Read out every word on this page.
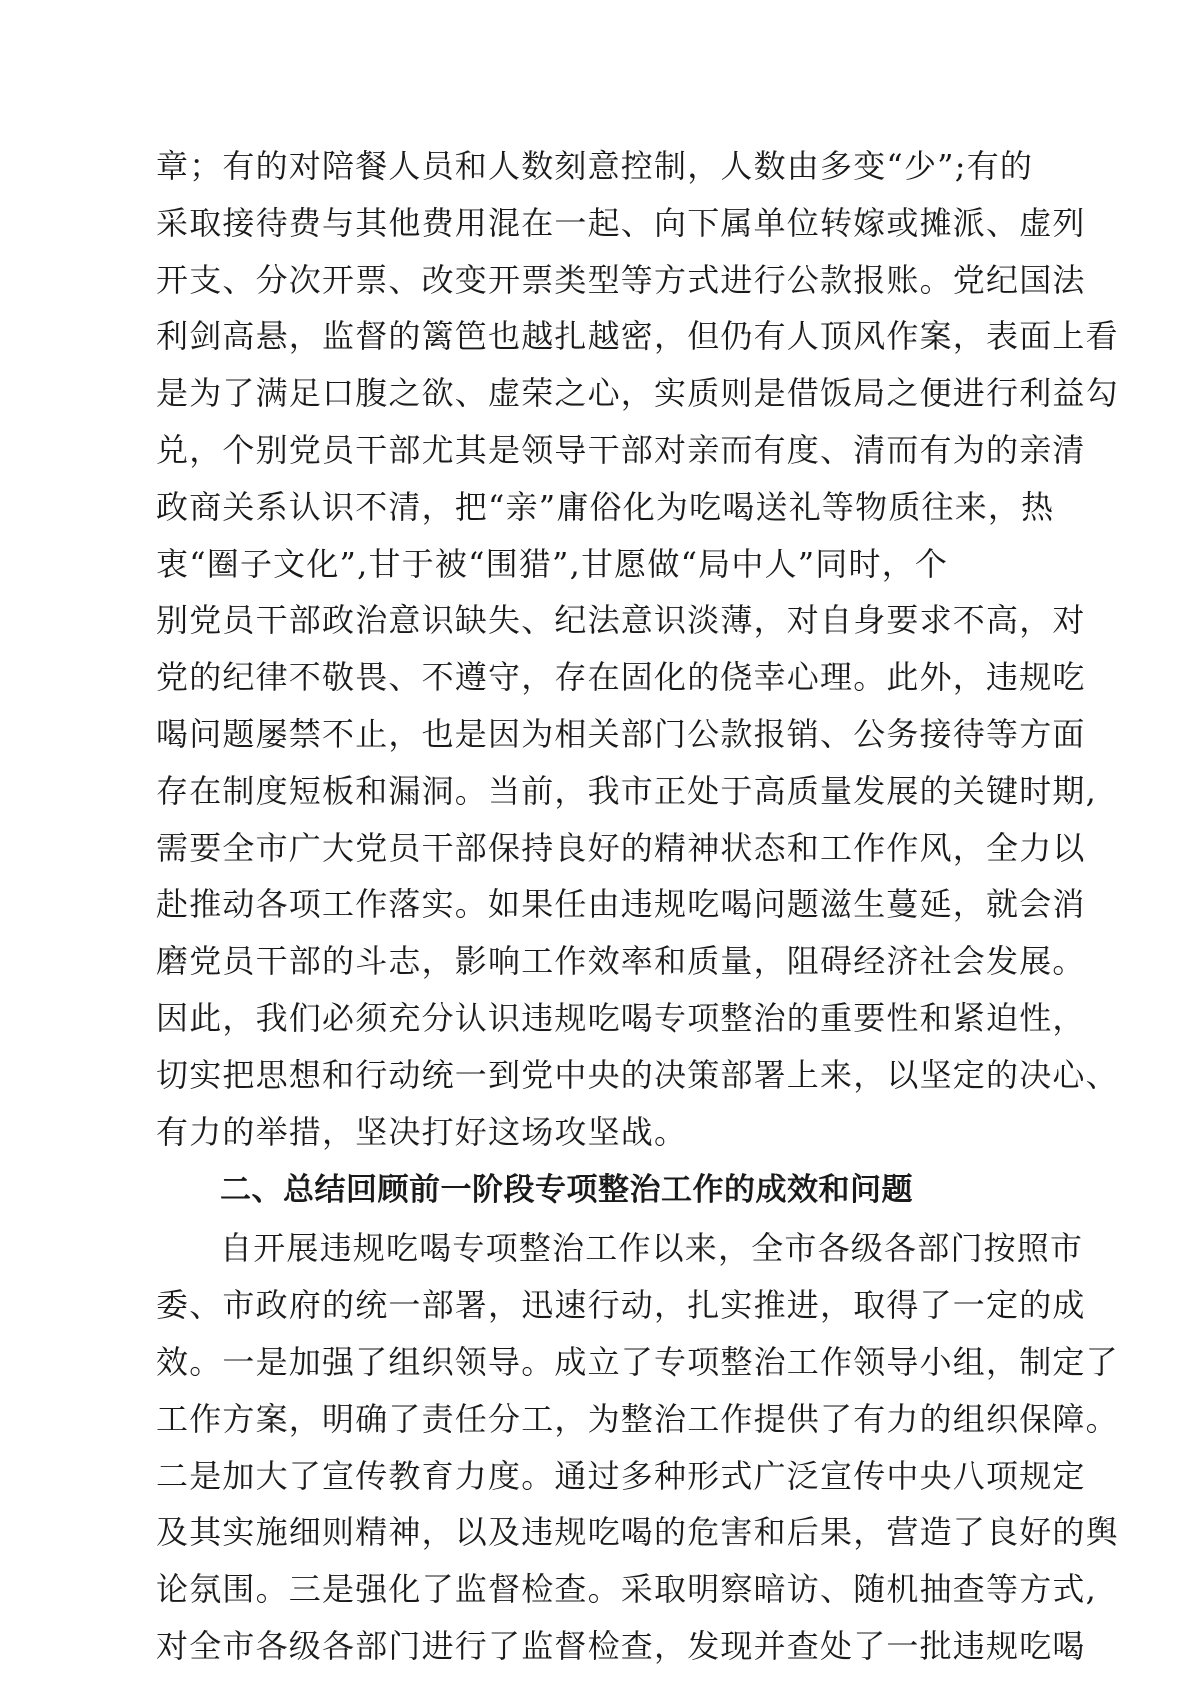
章；有的对陪餐人员和人数刻意控制，人数由多变“少”;有的
采取接待费与其他费用混在一起、向下属单位转嫁或摊派、虚列
开支、分次开票、改变开票类型等方式进行公款报账。党纪国法
利剑高悬，监督的篱笆也越扎越密，但仍有人顶风作案，表面上看
是为了满足口腹之欲、虚荣之心，实质则是借饭局之便进行利益勾
兑，个别党员干部尤其是领导干部对亲而有度、清而有为的亲清
政商关系认识不清，把“亲”庸俗化为吃喝送礼等物质往来，热
衷“圈子文化”,甘于被“围猎”,甘愿做“局中人”同时，个
别党员干部政治意识缺失、纪法意识淡薄，对自身要求不高，对
党的纪律不敬畏、不遵守，存在固化的侥幸心理。此外，违规吃
喝问题屡禁不止，也是因为相关部门公款报销、公务接待等方面
存在制度短板和漏洞。当前，我市正处于高质量发展的关键时期,
需要全市广大党员干部保持良好的精神状态和工作作风，全力以
赴推动各项工作落实。如果任由违规吃喝问题滋生蔓延，就会消
磨党员干部的斗志，影响工作效率和质量，阻碍经济社会发展。
因此，我们必须充分认识违规吃喝专项整治的重要性和紧迫性，
切实把思想和行动统一到党中央的决策部署上来，以坚定的决心、
有力的举措，坚决打好这场攻坚战。
二、总结回顾前一阶段专项整治工作的成效和问题
自开展违规吃喝专项整治工作以来，全市各级各部门按照市
委、市政府的统一部署，迅速行动，扎实推进，取得了一定的成
效。一是加强了组织领导。成立了专项整治工作领导小组，制定了
工作方案，明确了责任分工，为整治工作提供了有力的组织保障。
二是加大了宣传教育力度。通过多种形式广泛宣传中央八项规定
及其实施细则精神，以及违规吃喝的危害和后果，营造了良好的舆
论氛围。三是强化了监督检查。采取明察暗访、随机抽查等方式,
对全市各级各部门进行了监督检查，发现并查处了一批违规吃喝
